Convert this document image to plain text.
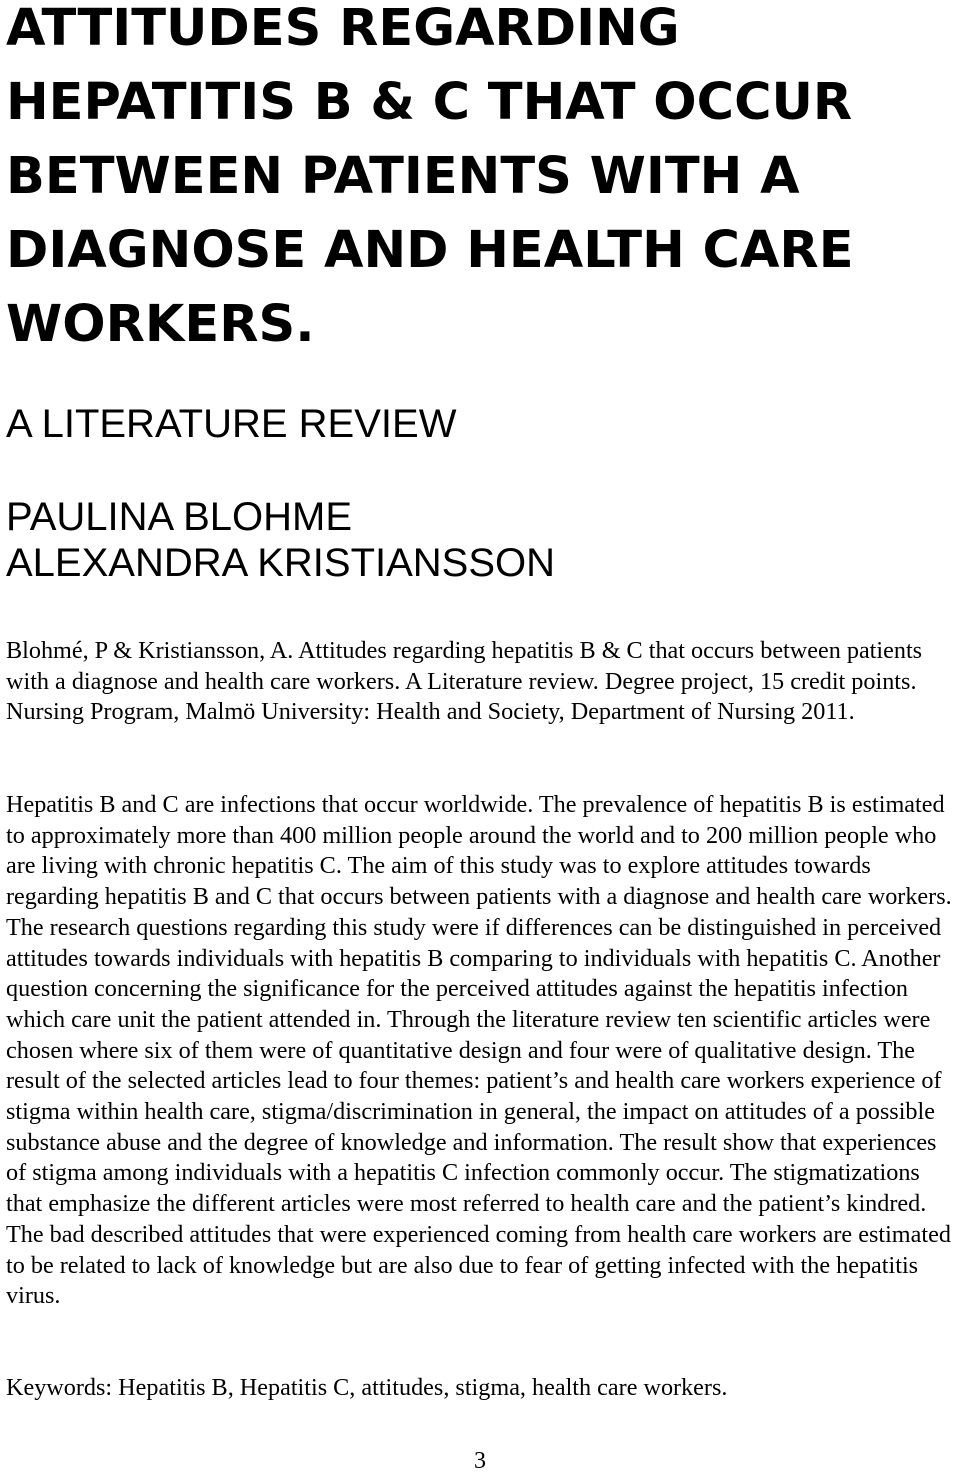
ATTITUDES REGARDING
HEPATITIS B & C THAT OCCUR
BETWEEN PATIENTS WITH A
DIAGNOSE AND HEALTH CARE
WORKERS.
A LITERATURE REVIEW
PAULINA BLOHME
ALEXANDRA KRISTIANSSON

Blohmé, P & Kristiansson, A. Attitudes regarding hepatitis B & C that occurs between patients with a diagnose and health care workers. A Literature review. Degree project, 15 credit points. Nursing Program, Malmö University: Health and Society, Department of Nursing 2011.

Hepatitis B and C are infections that occur worldwide. The prevalence of hepatitis B is estimated to approximately more than 400 million people around the world and to 200 million people who are living with chronic hepatitis C. The aim of this study was to explore attitudes towards regarding hepatitis B and C that occurs between patients with a diagnose and health care workers. The research questions regarding this study were if differences can be distinguished in perceived attitudes towards individuals with hepatitis B comparing to individuals with hepatitis C. Another question concerning the significance for the perceived attitudes against the hepatitis infection which care unit the patient attended in. Through the literature review ten scientific articles were chosen where six of them were of quantitative design and four were of qualitative design. The result of the selected articles lead to four themes: patient’s and health care workers experience of stigma within health care, stigma/discrimination in general, the impact on attitudes of a possible substance abuse and the degree of knowledge and information. The result show that experiences of stigma among individuals with a hepatitis C infection commonly occur. The stigmatizations that emphasize the different articles were most referred to health care and the patient’s kindred. The bad described attitudes that were experienced coming from health care workers are estimated to be related to lack of knowledge but are also due to fear of getting infected with the hepatitis virus.

Keywords: Hepatitis B, Hepatitis C, attitudes, stigma, health care workers.

3
